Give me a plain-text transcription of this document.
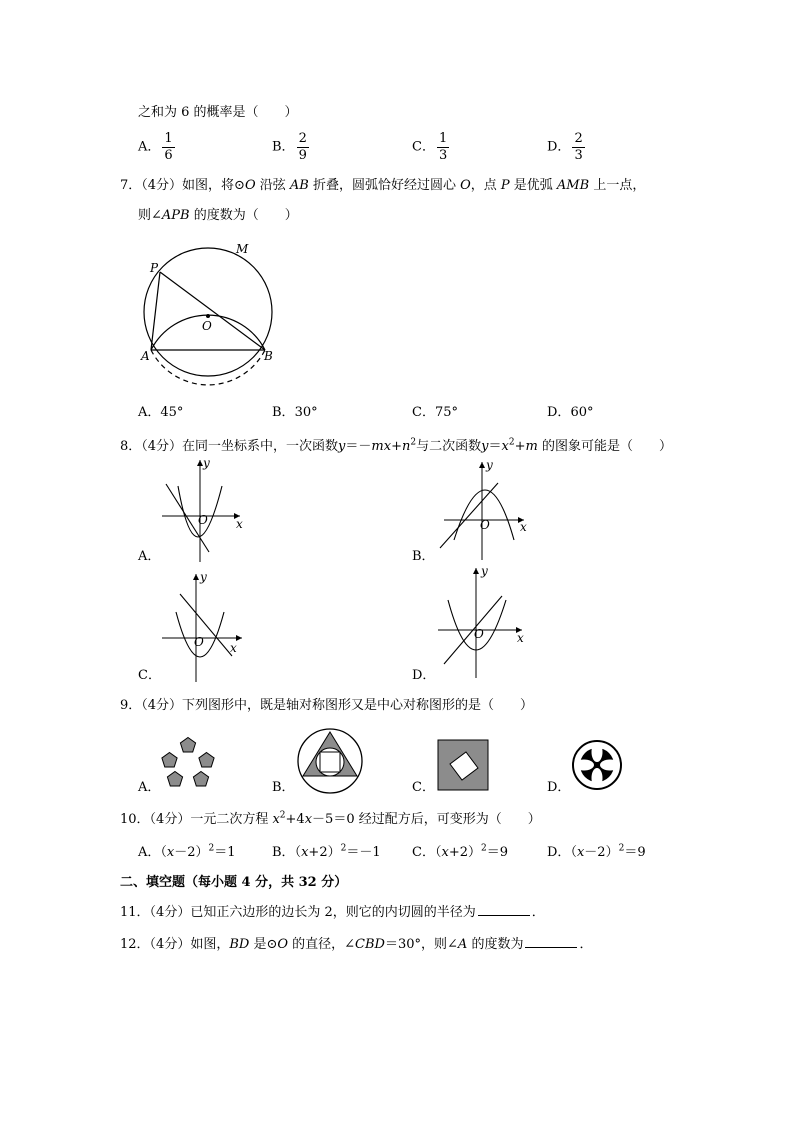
之和为 6 的概率是（　　）
A． $\frac{1}{6}$	B． $\frac{2}{9}$	C． $\frac{1}{3}$	D． $\frac{2}{3}$
7．（4分）如图，将⊙O 沿弦 AB 折叠，圆弧恰好经过圆心 O，点 P 是优弧 AMB 上一点，
则∠APB 的度数为（　　）
M
P
O
A	B
A．45°	B．30°	C．75°	D．60°
8．（4分）在同一坐标系中，一次函数$y=-mx+n^2$与二次函数$y=x^2+m$ 的图象可能是（　　）
y
x
O
y
x
O
y
x
O
y
x
O
A．	B．
C．	D．
9．（4分）下列图形中，既是轴对称图形又是中心对称图形的是（　　）
A．	B．	C．	D．
10．（4分）一元二次方程 $x^2+4x-5=0$ 经过配方后，可变形为（　　）
A．$(x-2)^2=1$	B．$(x+2)^2=-1$ C．$(x+2)^2=9$	D．$(x-2)^2=9$
二、填空题（每小题 4 分，共 32 分）
11．（4分）已知正六边形的边长为 2，则它的内切圆的半径为	．
12．（4分）如图，BD 是⊙O 的直径，∠CBD＝30°，则∠A 的度数为	．
